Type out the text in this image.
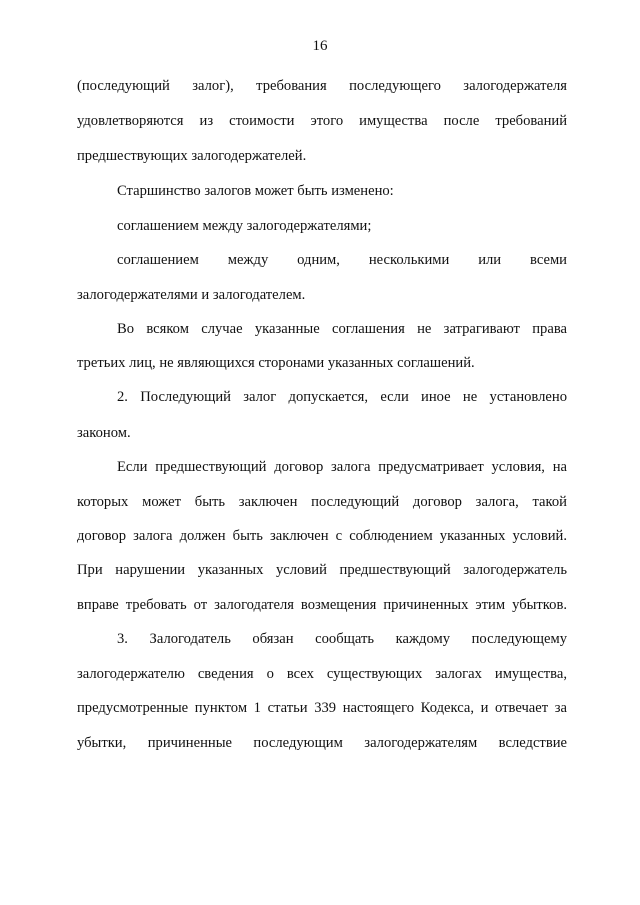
16
(последующий залог), требования последующего залогодержателя
удовлетворяются из стоимости этого имущества после требований
предшествующих залогодержателей.
Старшинство залогов может быть изменено:
соглашением между залогодержателями;
соглашением между одним, несколькими или всеми
залогодержателями и залогодателем.
Во всяком случае указанные соглашения не затрагивают права
третьих лиц, не являющихся сторонами указанных соглашений.
2. Последующий залог допускается, если иное не установлено
законом.
Если предшествующий договор залога предусматривает условия, на
которых может быть заключен последующий договор залога, такой
договор залога должен быть заключен с соблюдением указанных условий.
При нарушении указанных условий предшествующий залогодержатель
вправе требовать от залогодателя возмещения причиненных этим убытков.
3. Залогодатель обязан сообщать каждому последующему
залогодержателю сведения о всех существующих залогах имущества,
предусмотренные пунктом 1 статьи 339 настоящего Кодекса, и отвечает за
убытки, причиненные последующим залогодержателям вследствие
